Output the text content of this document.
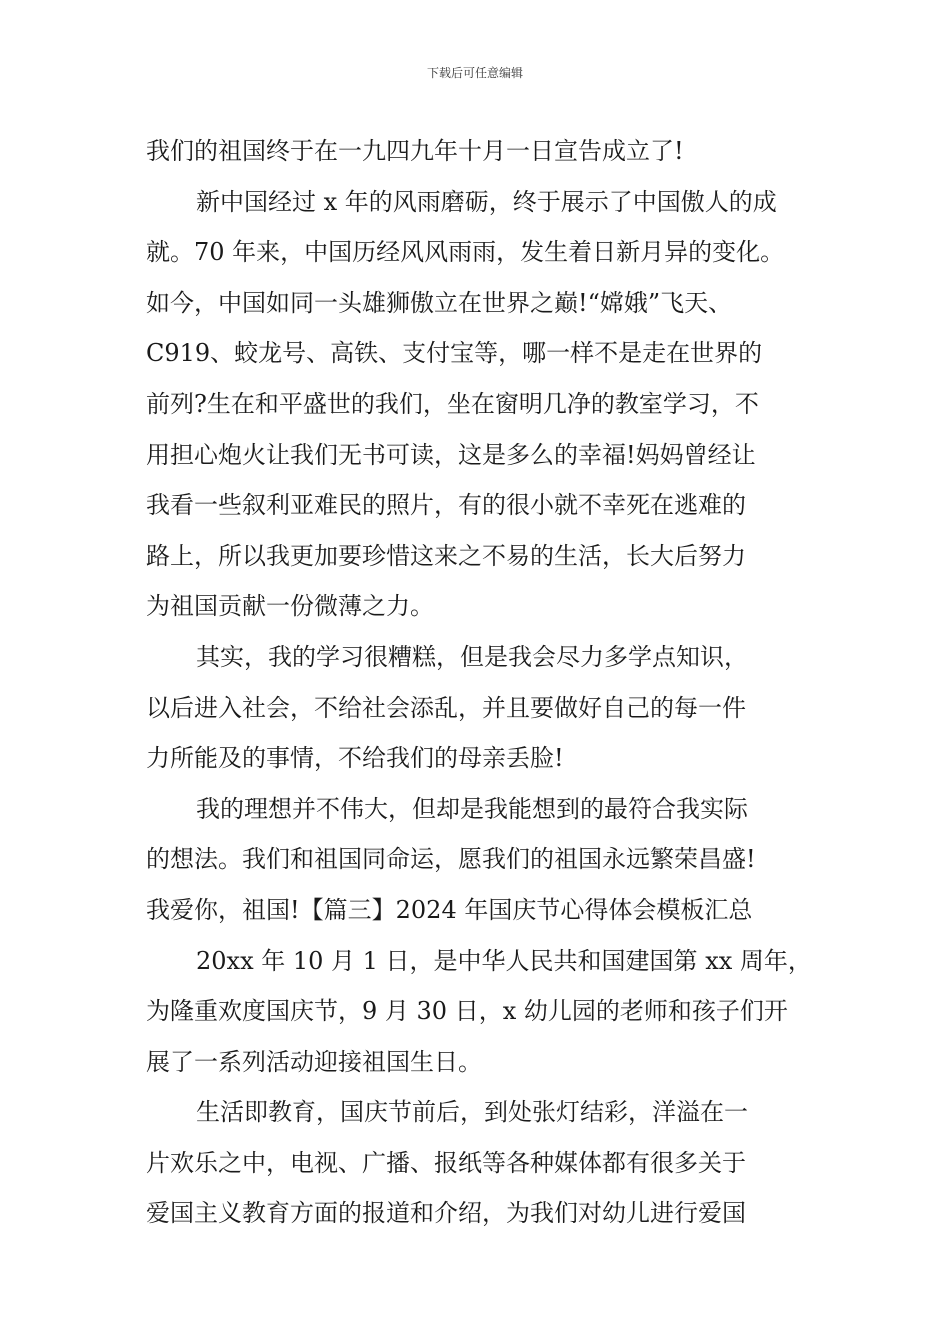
下载后可任意编辑
我们的祖国终于在一九四九年十月一日宣告成立了!
新中国经过 x 年的风雨磨砺，终于展示了中国傲人的成
就。70 年来，中国历经风风雨雨，发生着日新月异的变化。
如今，中国如同一头雄狮傲立在世界之巅!“嫦娥”飞天、
C919、蛟龙号、高铁、支付宝等，哪一样不是走在世界的
前列?生在和平盛世的我们，坐在窗明几净的教室学习，不
用担心炮火让我们无书可读，这是多么的幸福!妈妈曾经让
我看一些叙利亚难民的照片，有的很小就不幸死在逃难的
路上，所以我更加要珍惜这来之不易的生活，长大后努力
为祖国贡献一份微薄之力。
其实，我的学习很糟糕，但是我会尽力多学点知识，
以后进入社会，不给社会添乱，并且要做好自己的每一件
力所能及的事情，不给我们的母亲丢脸!
我的理想并不伟大，但却是我能想到的最符合我实际
的想法。我们和祖国同命运，愿我们的祖国永远繁荣昌盛!
我爱你，祖国!【篇三】2024 年国庆节心得体会模板汇总
20xx 年 10 月 1 日，是中华人民共和国建国第 xx 周年，
为隆重欢度国庆节，9 月 30 日，x 幼儿园的老师和孩子们开
展了一系列活动迎接祖国生日。
生活即教育，国庆节前后，到处张灯结彩，洋溢在一
片欢乐之中，电视、广播、报纸等各种媒体都有很多关于
爱国主义教育方面的报道和介绍，为我们对幼儿进行爱国
